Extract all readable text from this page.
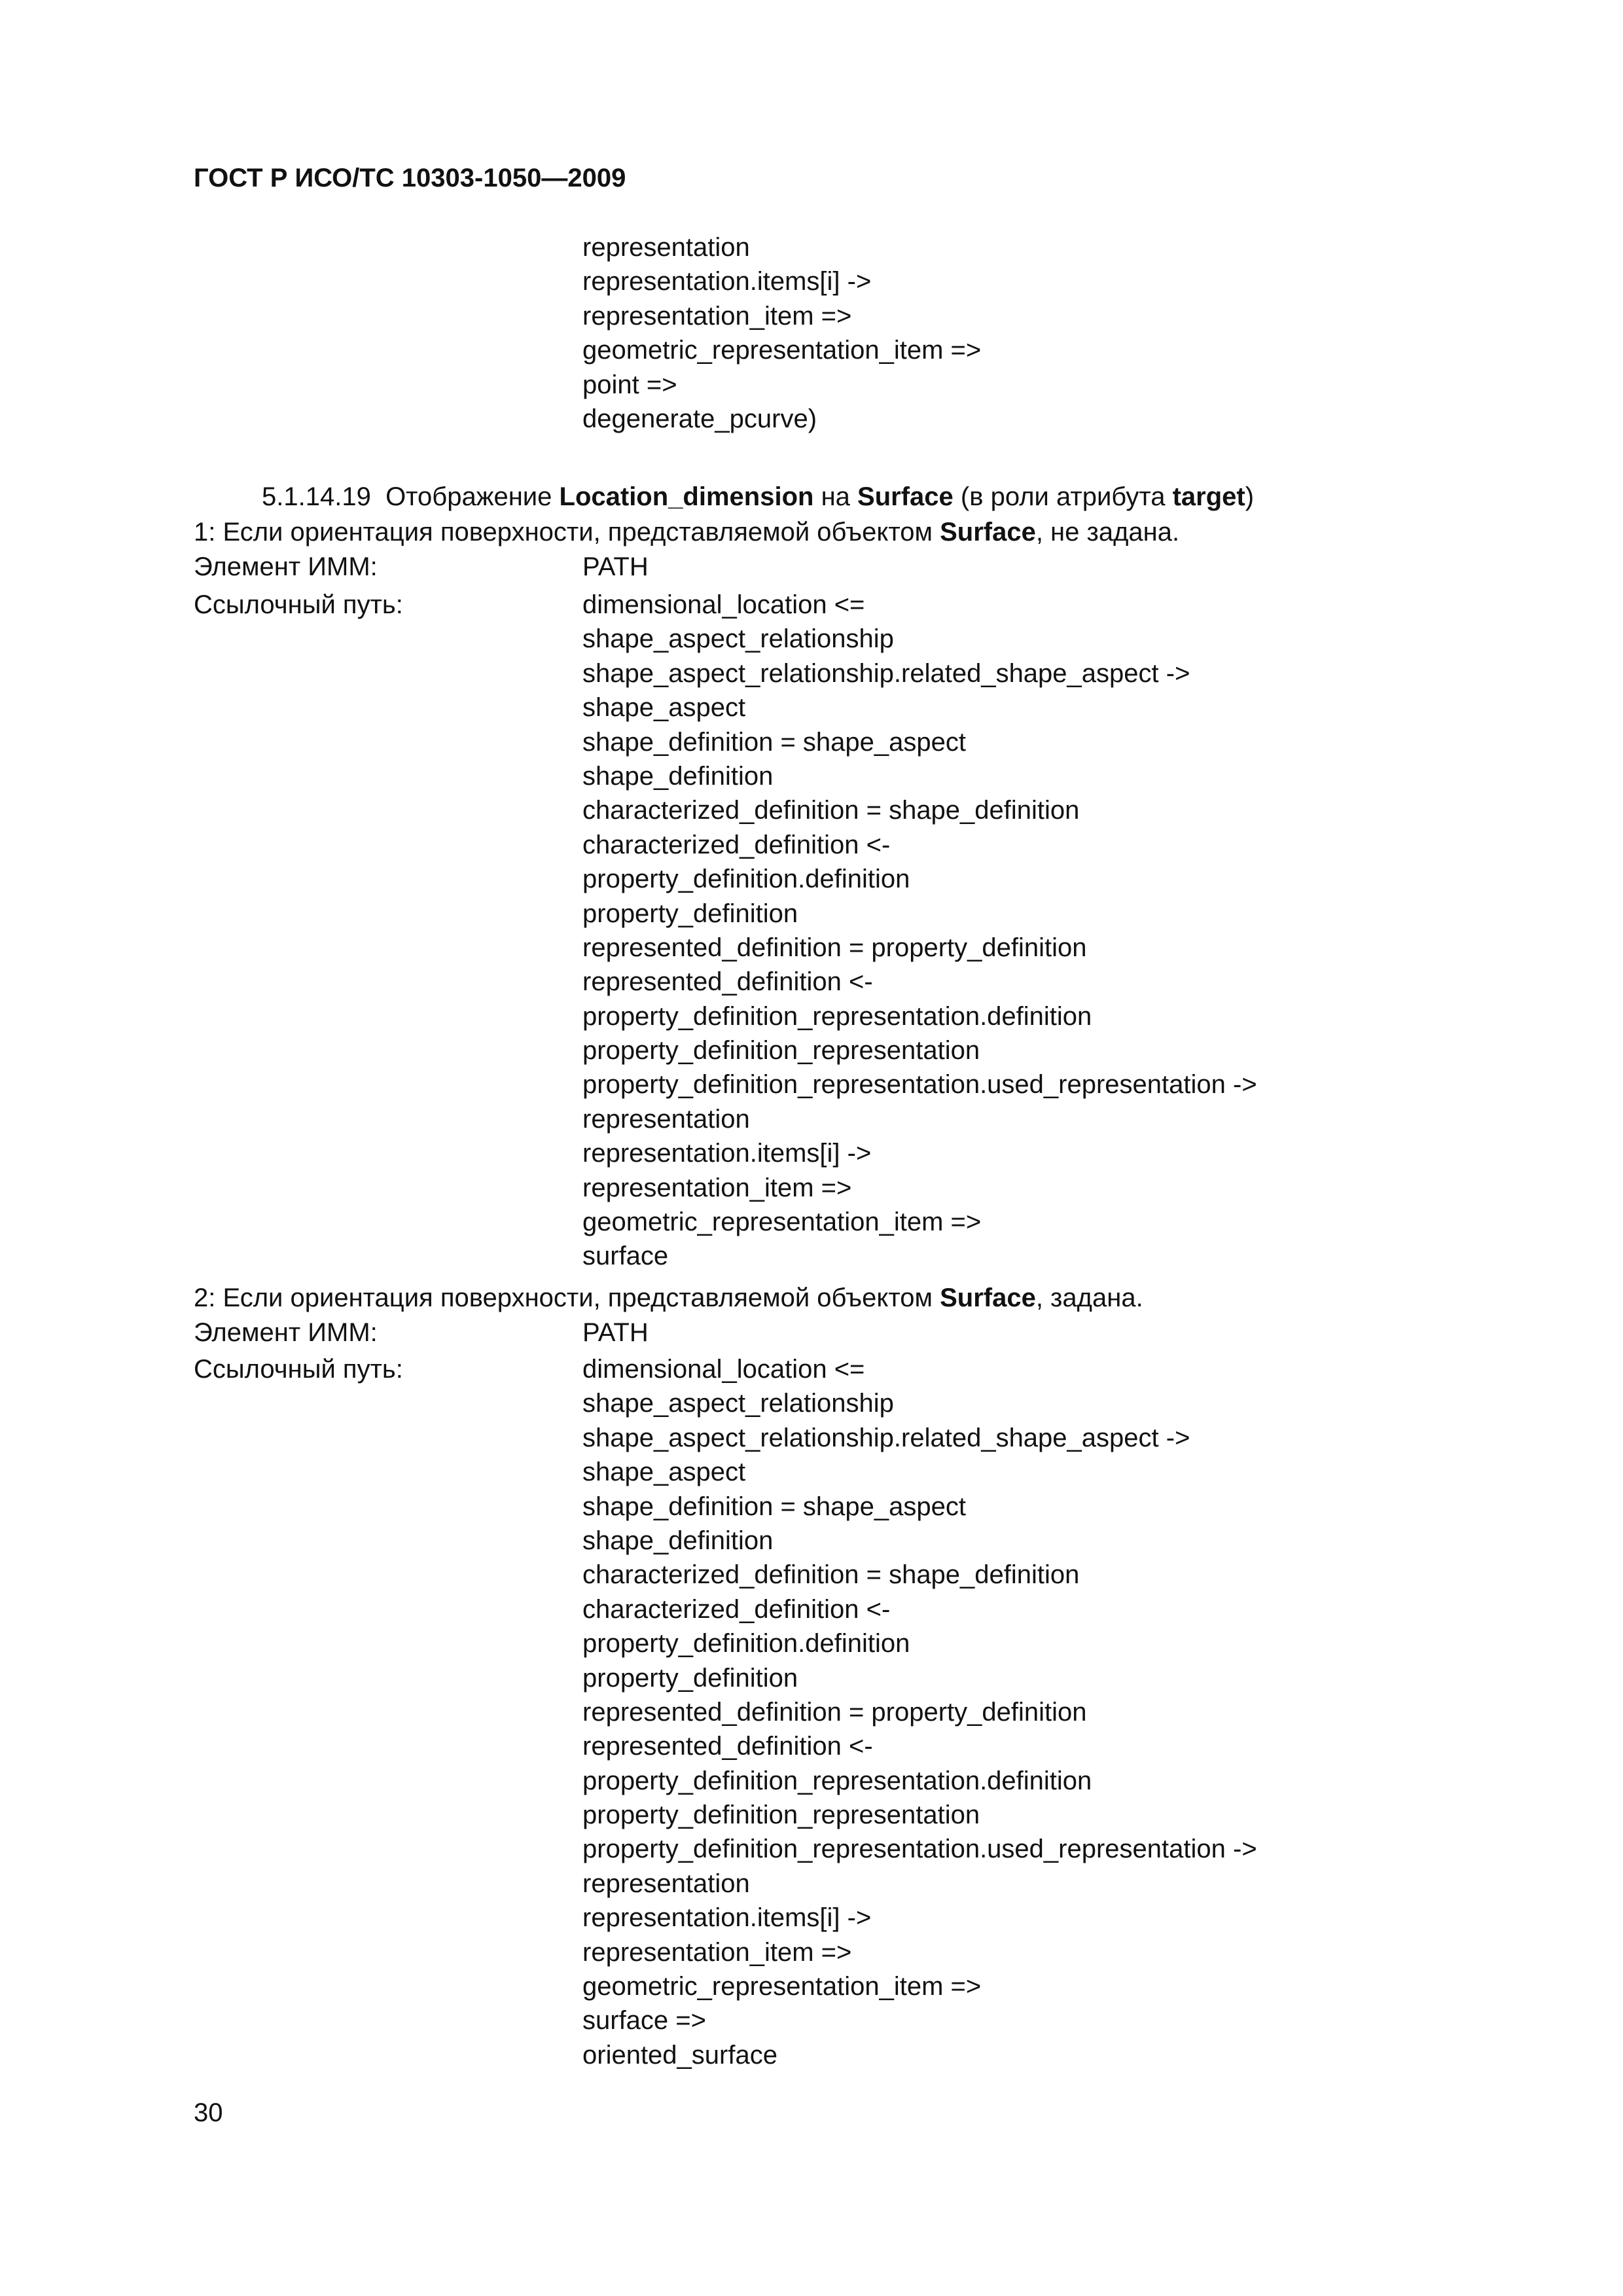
ГОСТ Р ИСО/ТС 10303-1050—2009
representation
representation.items[i] ->
representation_item =>
geometric_representation_item =>
point =>
degenerate_pcurve)
5.1.14.19 Отображение Location_dimension на Surface (в роли атрибута target)
1: Если ориентация поверхности, представляемой объектом Surface, не задана.
Элемент ИММ:	PATH
Ссылочный путь:	dimensional_location <=
shape_aspect_relationship
shape_aspect_relationship.related_shape_aspect ->
shape_aspect
shape_definition = shape_aspect
shape_definition
characterized_definition = shape_definition
characterized_definition <-
property_definition.definition
property_definition
represented_definition = property_definition
represented_definition <-
property_definition_representation.definition
property_definition_representation
property_definition_representation.used_representation ->
representation
representation.items[i] ->
representation_item =>
geometric_representation_item =>
surface
2: Если ориентация поверхности, представляемой объектом Surface, задана.
Элемент ИММ:	PATH
Ссылочный путь:	dimensional_location <=
shape_aspect_relationship
shape_aspect_relationship.related_shape_aspect ->
shape_aspect
shape_definition = shape_aspect
shape_definition
characterized_definition = shape_definition
characterized_definition <-
property_definition.definition
property_definition
represented_definition = property_definition
represented_definition <-
property_definition_representation.definition
property_definition_representation
property_definition_representation.used_representation ->
representation
representation.items[i] ->
representation_item =>
geometric_representation_item =>
surface =>
oriented_surface
30
